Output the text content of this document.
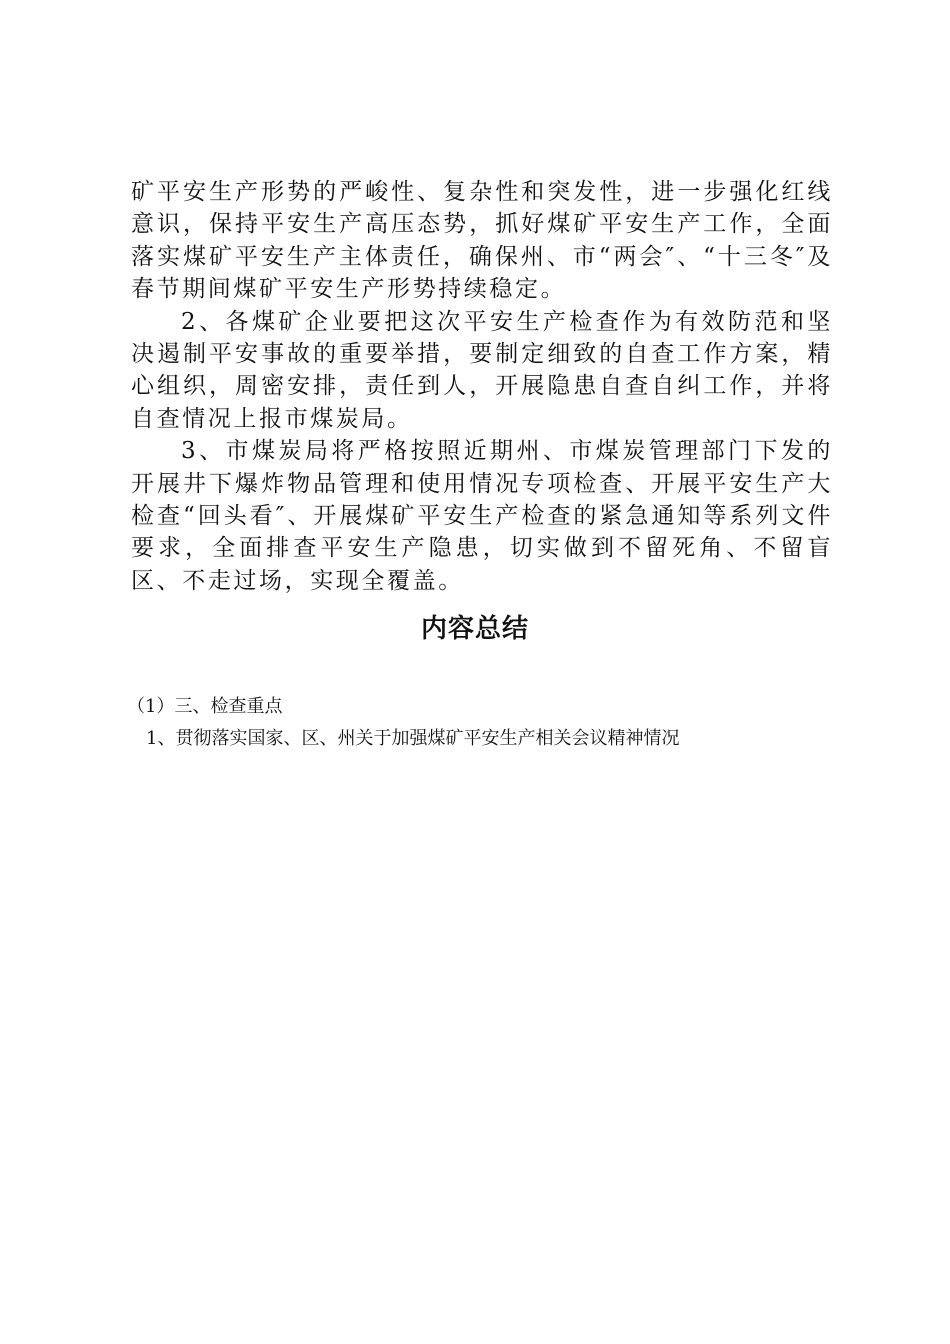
矿平安生产形势的严峻性、复杂性和突发性，进一步强化红线意识，保持平安生产高压态势，抓好煤矿平安生产工作，全面落实煤矿平安生产主体责任，确保州、市“两会″、“十三冬″及春节期间煤矿平安生产形势持续稳定。

2、各煤矿企业要把这次平安生产检查作为有效防范和坚决遏制平安事故的重要举措，要制定细致的自查工作方案，精心组织，周密安排，责任到人，开展隐患自查自纠工作，并将自查情况上报市煤炭局。

3、市煤炭局将严格按照近期州、市煤炭管理部门下发的开展井下爆炸物品管理和使用情况专项检查、开展平安生产大检查“回头看″、开展煤矿平安生产检查的紧急通知等系列文件要求，全面排查平安生产隐患，切实做到不留死角、不留盲区、不走过场，实现全覆盖。

内容总结

（1）三、检查重点

1、贯彻落实国家、区、州关于加强煤矿平安生产相关会议精神情况
